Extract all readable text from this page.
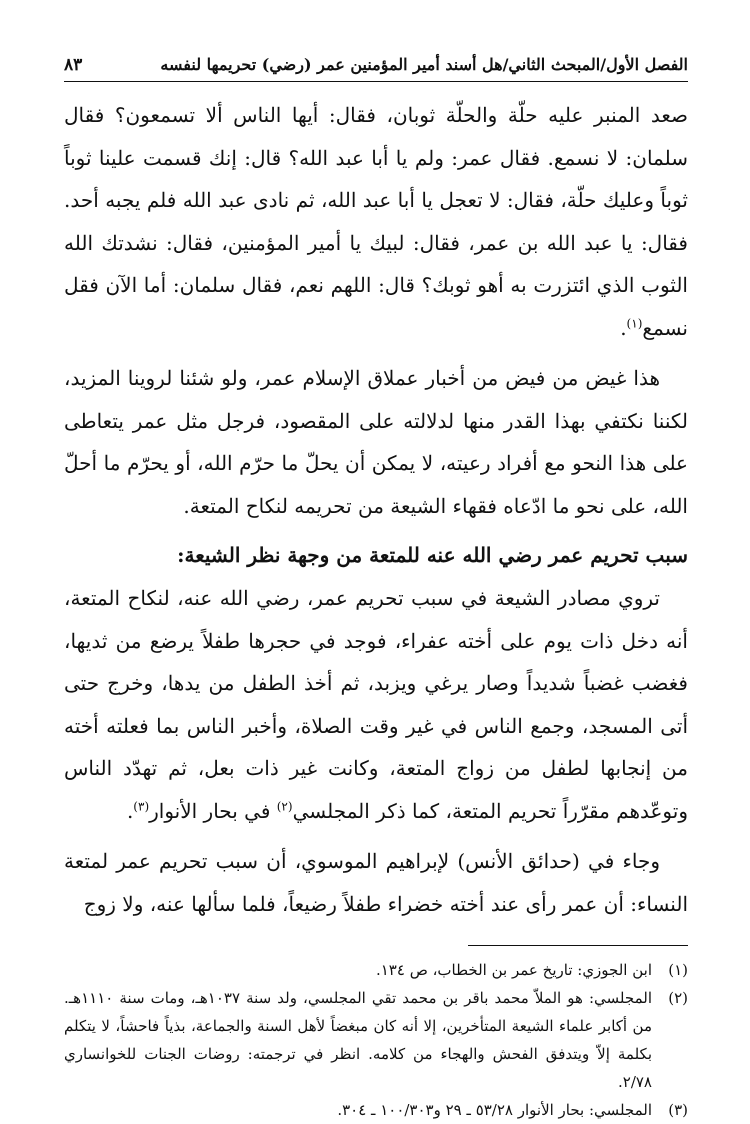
الفصل الأول/المبحث الثاني/هل أسند أمير المؤمنين عمر (رضي) تحريمها لنفسه
٨٣

صعد المنبر عليه حلّة والحلّة ثوبان، فقال: أيها الناس ألا تسمعون؟ فقال سلمان: لا نسمع. فقال عمر: ولم يا أبا عبد الله؟ قال: إنك قسمت علينا ثوباً ثوباً وعليك حلّة، فقال: لا تعجل يا أبا عبد الله، ثم نادى عبد الله فلم يجبه أحد. فقال: يا عبد الله بن عمر، فقال: لبيك يا أمير المؤمنين، فقال: نشدتك الله الثوب الذي ائتزرت به أهو ثوبك؟ قال: اللهم نعم، فقال سلمان: أما الآن فقل نسمع$^{(١)}$.

هذا غيض من فيض من أخبار عملاق الإسلام عمر، ولو شئنا لروينا المزيد، لكننا نكتفي بهذا القدر منها لدلالته على المقصود، فرجل مثل عمر يتعاطى على هذا النحو مع أفراد رعيته، لا يمكن أن يحلّ ما حرّم الله، أو يحرّم ما أحلّ الله، على نحو ما ادّعاه فقهاء الشيعة من تحريمه لنكاح المتعة.

سبب تحريم عمر رضي الله عنه للمتعة من وجهة نظر الشيعة:

تروي مصادر الشيعة في سبب تحريم عمر، رضي الله عنه، لنكاح المتعة، أنه دخل ذات يوم على أخته عفراء، فوجد في حجرها طفلاً يرضع من ثديها، فغضب غضباً شديداً وصار يرغي ويزبد، ثم أخذ الطفل من يدها، وخرج حتى أتى المسجد، وجمع الناس في غير وقت الصلاة، وأخبر الناس بما فعلته أخته من إنجابها لطفل من زواج المتعة، وكانت غير ذات بعل، ثم تهدّد الناس وتوعّدهم مقرّراً تحريم المتعة، كما ذكر المجلسي$^{(٢)}$ في بحار الأنوار$^{(٣)}$.

وجاء في (حدائق الأنس) لإبراهيم الموسوي، أن سبب تحريم عمر لمتعة النساء: أن عمر رأى عند أخته خضراء طفلاً رضيعاً، فلما سألها عنه، ولا زوج

(١)
ابن الجوزي: تاريخ عمر بن الخطاب، ص ١٣٤.
(٢)
المجلسي: هو الملاّ محمد باقر بن محمد تقي المجلسي، ولد سنة ١٠٣٧هـ، ومات سنة ١١١٠هـ. من أكابر علماء الشيعة المتأخرين، إلا أنه كان مبغضاً لأهل السنة والجماعة، بذياً فاحشاً، لا يتكلم بكلمة إلاّ ويتدفق الفحش والهجاء من كلامه. انظر في ترجمته: روضات الجنات للخوانساري ٢/٧٨.
(٣)
المجلسي: بحار الأنوار ٥٣/٢٨ ـ ٢٩ و١٠٠/٣٠٣ ـ ٣٠٤.
